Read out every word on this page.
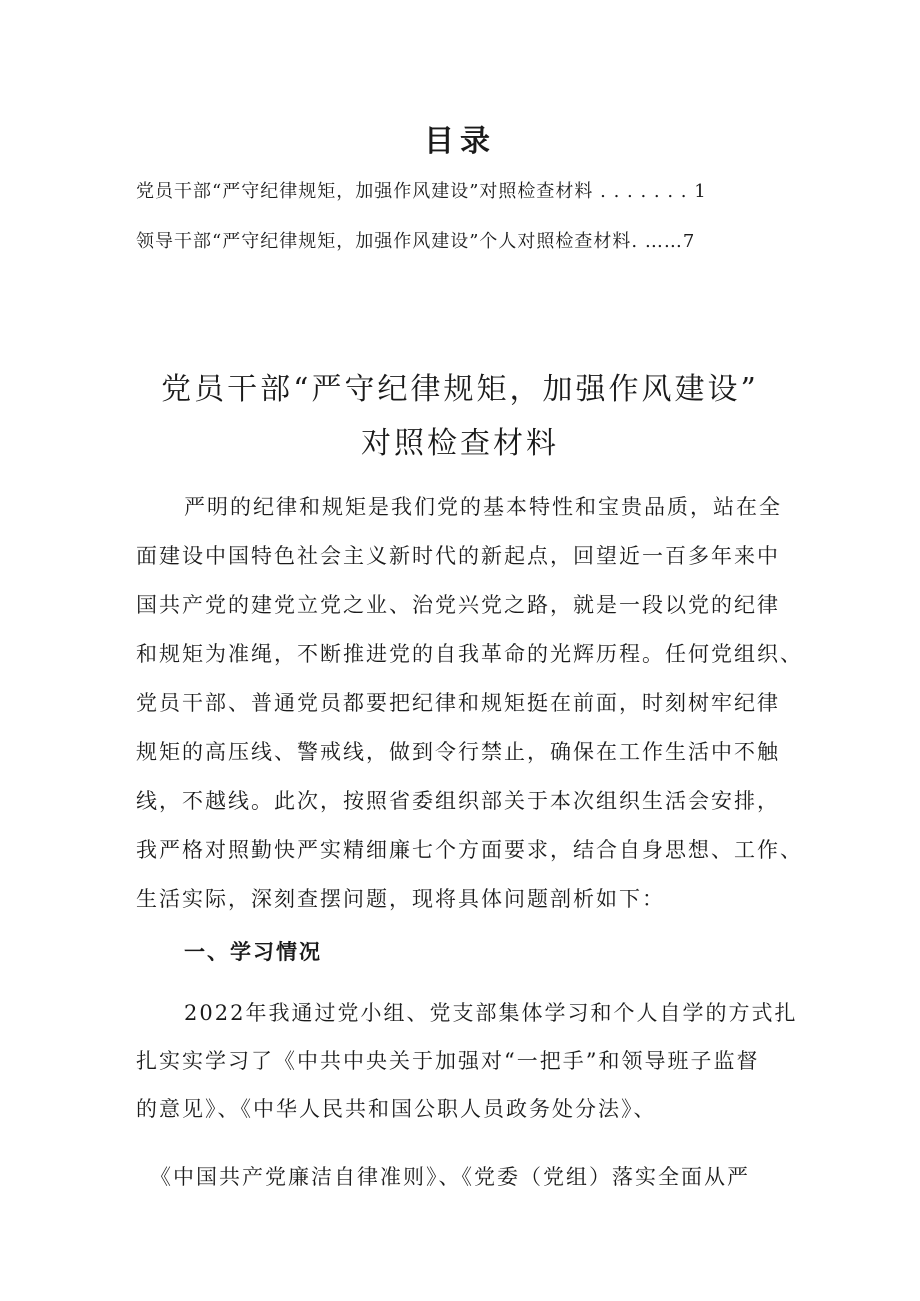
目录
党员干部“严守纪律规矩，加强作风建设”对照检查材料 . . . . . . . 1
领导干部“严守纪律规矩，加强作风建设”个人对照检查材料. ……7
党员干部“严守纪律规矩，加强作风建设”
对照检查材料
严明的纪律和规矩是我们党的基本特性和宝贵品质，站在全
面建设中国特色社会主义新时代的新起点，回望近一百多年来中
国共产党的建党立党之业、治党兴党之路，就是一段以党的纪律
和规矩为准绳，不断推进党的自我革命的光辉历程。任何党组织、
党员干部、普通党员都要把纪律和规矩挺在前面，时刻树牢纪律
规矩的高压线、警戒线，做到令行禁止，确保在工作生活中不触
线，不越线。此次，按照省委组织部关于本次组织生活会安排，
我严格对照勤快严实精细廉七个方面要求，结合自身思想、工作、
生活实际，深刻查摆问题，现将具体问题剖析如下：
一、学习情况
2022年我通过党小组、党支部集体学习和个人自学的方式扎
扎实实学习了《中共中央关于加强对“一把手”和领导班子监督
的意见》、《中华人民共和国公职人员政务处分法》、
《中国共产党廉洁自律准则》、《党委（党组）落实全面从严
